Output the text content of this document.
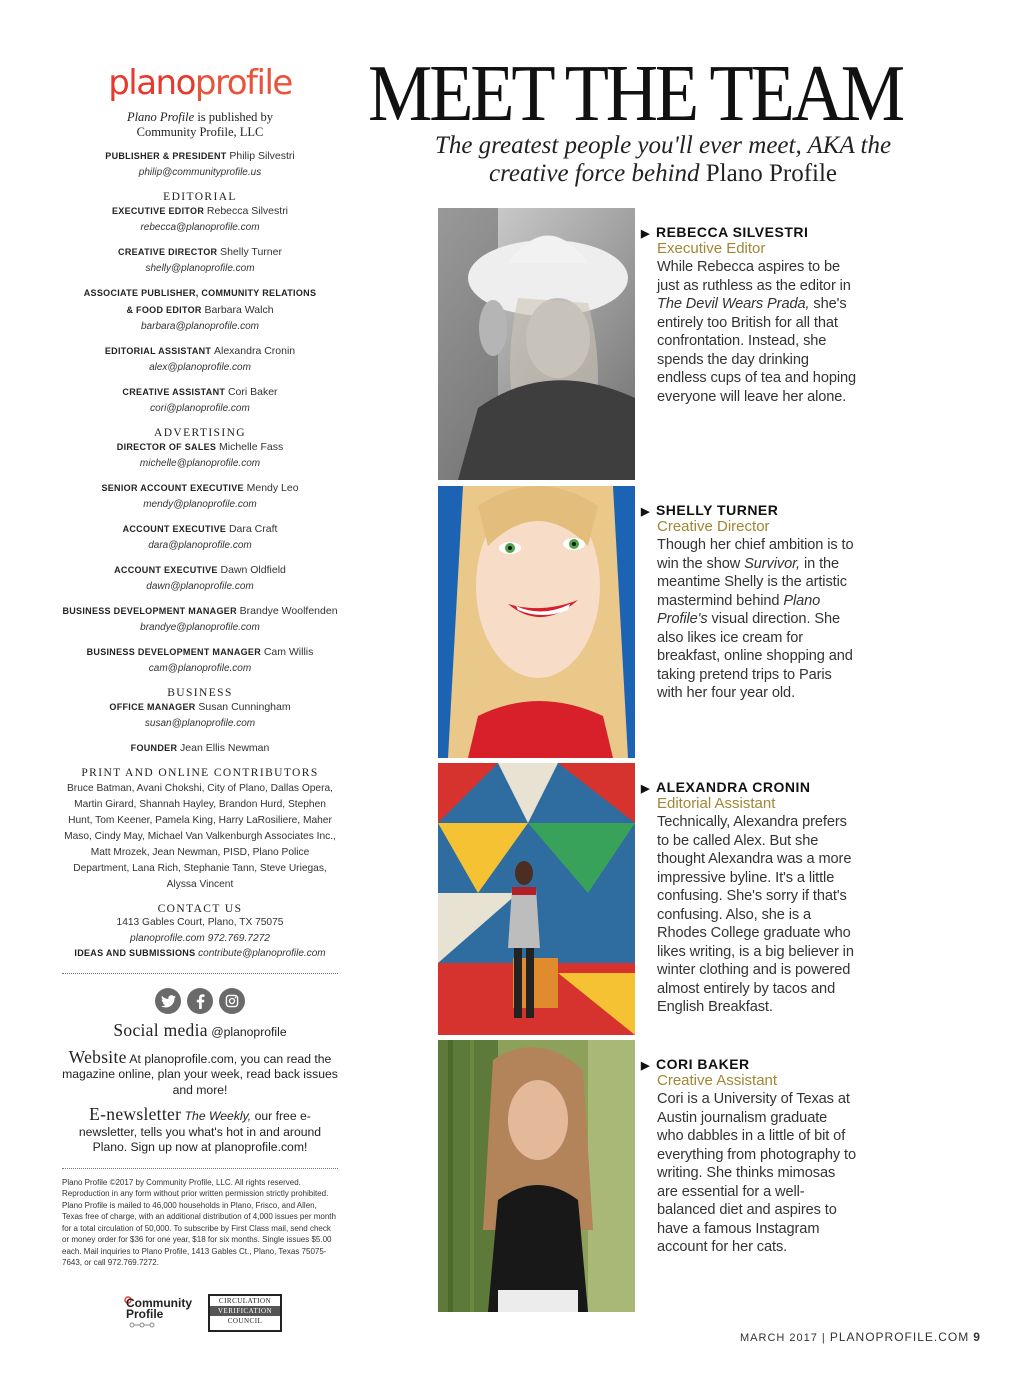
planoprofile
Plano Profile is published by
Community Profile, LLC
PUBLISHER & PRESIDENT Philip Silvestri
philip@communityprofile.us
EDITORIAL
EXECUTIVE EDITOR Rebecca Silvestri
rebecca@planoprofile.com
CREATIVE DIRECTOR Shelly Turner
shelly@planoprofile.com
ASSOCIATE PUBLISHER, COMMUNITY RELATIONS
& FOOD EDITOR Barbara Walch
barbara@planoprofile.com
EDITORIAL ASSISTANT Alexandra Cronin
alex@planoprofile.com
CREATIVE ASSISTANT Cori Baker
cori@planoprofile.com
ADVERTISING
DIRECTOR OF SALES Michelle Fass
michelle@planoprofile.com
SENIOR ACCOUNT EXECUTIVE Mendy Leo
mendy@planoprofile.com
ACCOUNT EXECUTIVE Dara Craft
dara@planoprofile.com
ACCOUNT EXECUTIVE Dawn Oldfield
dawn@planoprofile.com
BUSINESS DEVELOPMENT MANAGER Brandye Woolfenden
brandye@planoprofile.com
BUSINESS DEVELOPMENT MANAGER Cam Willis
cam@planoprofile.com
BUSINESS
OFFICE MANAGER Susan Cunningham
susan@planoprofile.com
FOUNDER Jean Ellis Newman
PRINT AND ONLINE CONTRIBUTORS
Bruce Batman, Avani Chokshi, City of Plano, Dallas Opera, Martin Girard, Shannah Hayley, Brandon Hurd, Stephen Hunt, Tom Keener, Pamela King, Harry LaRosiliere, Maher Maso, Cindy May, Michael Van Valkenburgh Associates Inc., Matt Mrozek, Jean Newman, PISD, Plano Police Department, Lana Rich, Stephanie Tann, Steve Uriegas, Alyssa Vincent
CONTACT US
1413 Gables Court, Plano, TX 75075
planoprofile.com 972.769.7272
IDEAS AND SUBMISSIONS contribute@planoprofile.com
Social media @planoprofile
Website At planoprofile.com, you can read the magazine online, plan your week, read back issues and more!
E-newsletter The Weekly, our free e-newsletter, tells you what's hot in and around Plano. Sign up now at planoprofile.com!
Plano Profile ©2017 by Community Profile, LLC. All rights reserved. Reproduction in any form without prior written permission strictly prohibited. Plano Profile is mailed to 46,000 households in Plano, Frisco, and Allen, Texas free of charge, with an additional distribution of 4,000 issues per month for a total circulation of 50,000. To subscribe by First Class mail, send check or money order for $36 for one year, $18 for six months. Single issues $5.00 each. Mail inquiries to Plano Profile, 1413 Gables Ct., Plano, Texas 75075-7643, or call 972.769.7272.
Community
Profile
CIRCULATION
VERIFICATION
COUNCIL
MEET THE TEAM
The greatest people you'll ever meet, AKA the creative force behind Plano Profile
▶ REBECCA SILVESTRI
Executive Editor
While Rebecca aspires to be just as ruthless as the editor in The Devil Wears Prada, she's entirely too British for all that confrontation. Instead, she spends the day drinking endless cups of tea and hoping everyone will leave her alone.
▶ SHELLY TURNER
Creative Director
Though her chief ambition is to win the show Survivor, in the meantime Shelly is the artistic mastermind behind Plano Profile's visual direction. She also likes ice cream for breakfast, online shopping and taking pretend trips to Paris with her four year old.
▶ ALEXANDRA CRONIN
Editorial Assistant
Technically, Alexandra prefers to be called Alex. But she thought Alexandra was a more impressive byline. It's a little confusing. She's sorry if that's confusing. Also, she is a Rhodes College graduate who likes writing, is a big believer in winter clothing and is powered almost entirely by tacos and English Breakfast.
▶ CORI BAKER
Creative Assistant
Cori is a University of Texas at Austin journalism graduate who dabbles in a little of bit of everything from photography to writing. She thinks mimosas are essential for a well-balanced diet and aspires to have a famous Instagram account for her cats.
MARCH 2017 | PLANOPROFILE.COM 9
